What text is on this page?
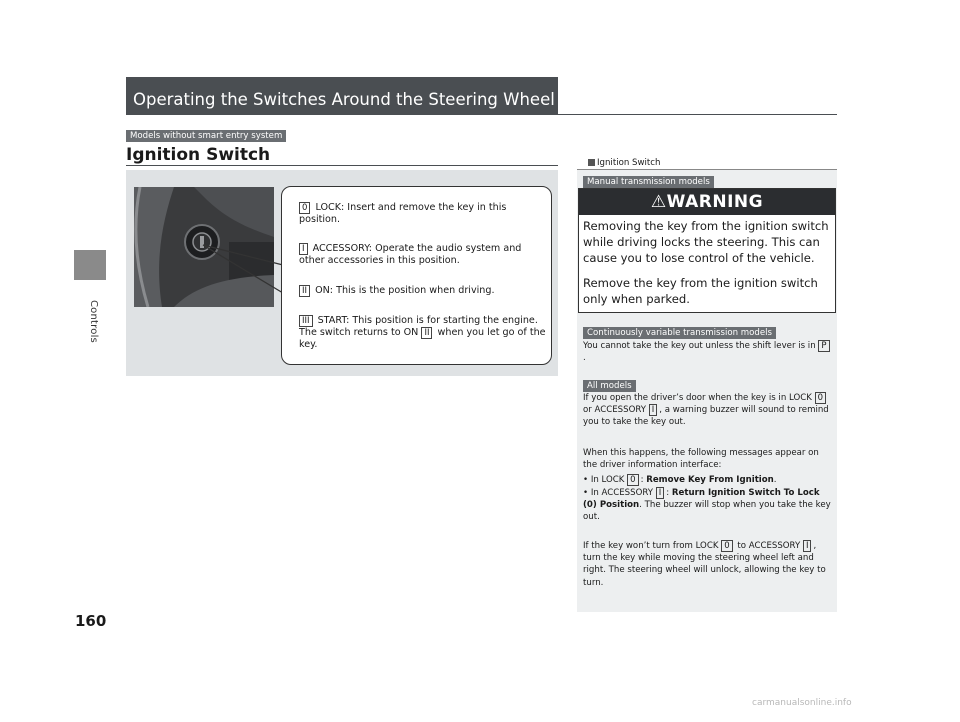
Controls
160
Operating the Switches Around the Steering Wheel
Models without smart entry system
Ignition Switch
0 LOCK: Insert and remove the key in this position.
I ACCESSORY: Operate the audio system and other accessories in this position.
II ON: This is the position when driving.
III START: This position is for starting the engine. The switch returns to ON II when you let go of the key.
Ignition Switch
Manual transmission models
⚠WARNING
Removing the key from the ignition switch while driving locks the steering. This can cause you to lose control of the vehicle.
Remove the key from the ignition switch only when parked.
Continuously variable transmission models
You cannot take the key out unless the shift lever is in P.
All models
If you open the driver’s door when the key is in LOCK 0 or ACCESSORY I , a warning buzzer will sound to remind you to take the key out.
When this happens, the following messages appear on the driver information interface:
• In LOCK 0 : Remove Key From Ignition.
• In ACCESSORY I : Return Ignition Switch To Lock (0) Position. The buzzer will stop when you take the key out.
If the key won’t turn from LOCK 0 to ACCESSORY I , turn the key while moving the steering wheel left and right. The steering wheel will unlock, allowing the key to turn.
carmanualsonline.info
